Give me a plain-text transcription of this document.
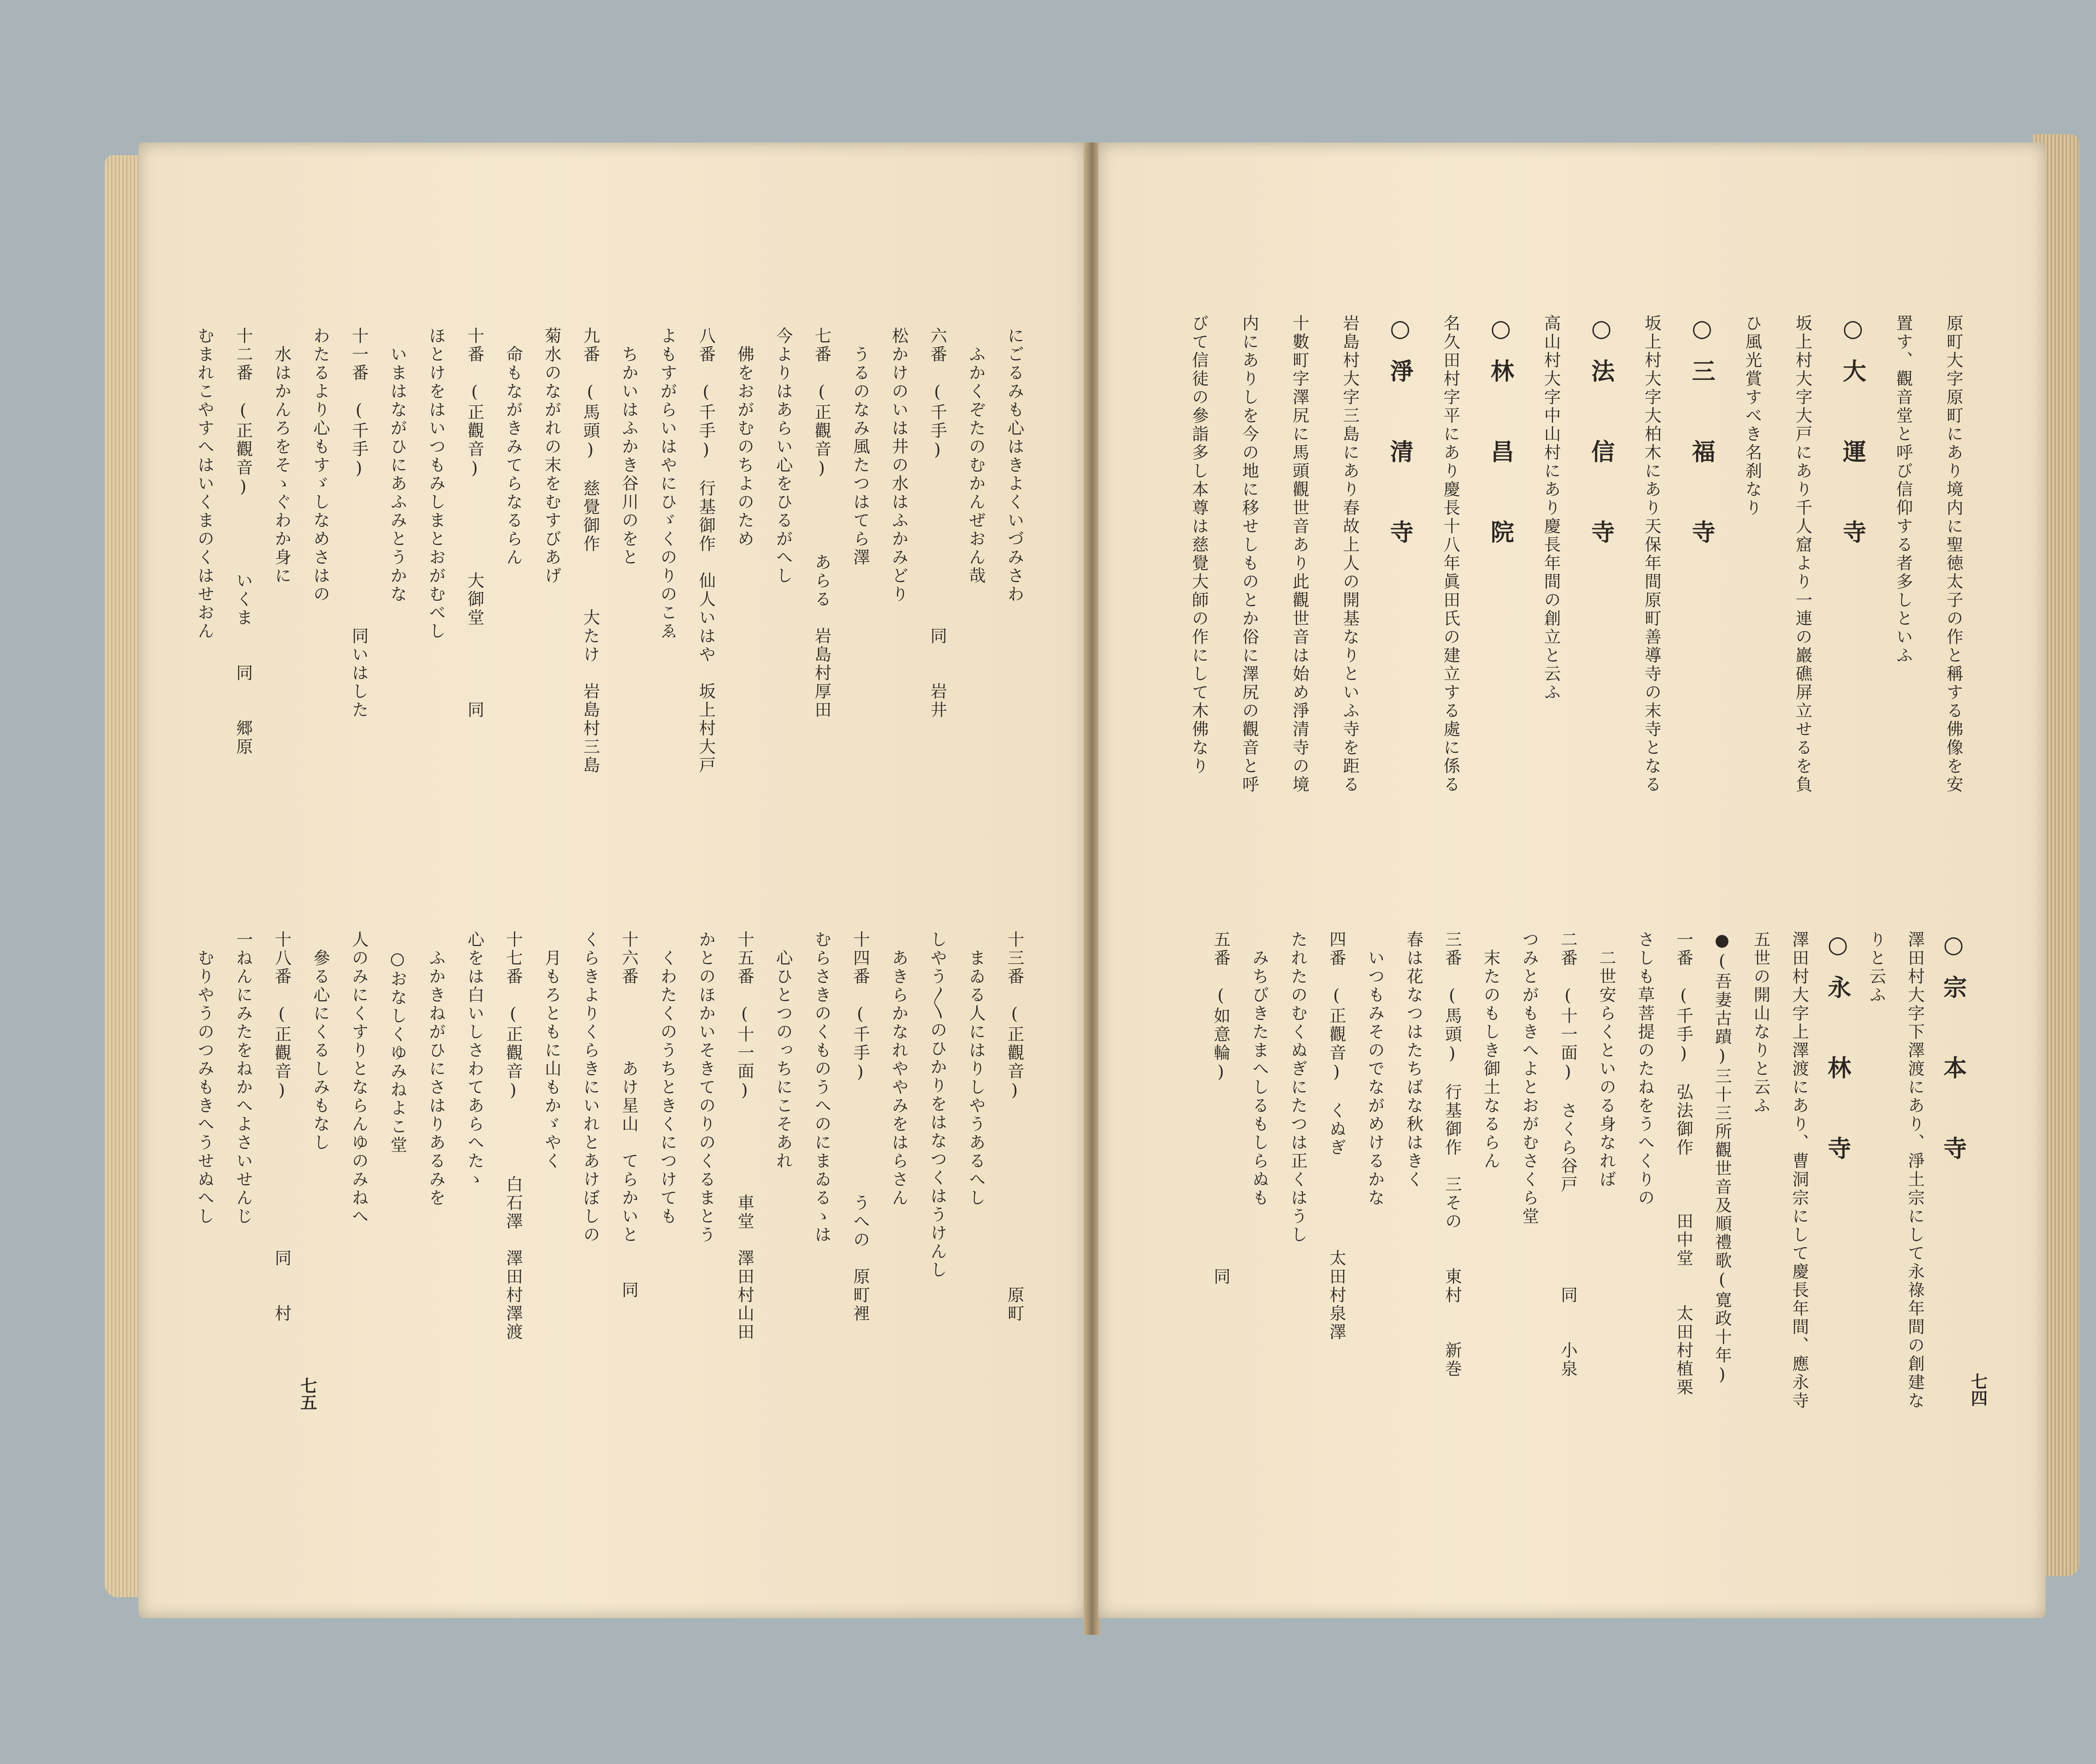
にごるみも心はきよくいづみさわ
　ふかくぞたのむかんぜおん哉
六番　(千手)　　　　　　　　　同　　岩井
松かけのいは井の水はふかみどり
　うるのなみ風たつはてら澤
七番　(正觀音)　　　　あらる　岩島村厚田
今よりはあらい心をひるがへし
　佛をおがむのちよのため
八番　(千手)　行基御作　仙人いはや　坂上村大戸
よもすがらいはやにひゞくのりのこゑ
　ちかいはふかき谷川のをと
九番　(馬頭)　慈覺御作　　　大たけ　岩島村三島
菊水のながれの末をむすびあげ
　命もながきみてらなるらん
十番　(正觀音)　　　　　大御堂　　　　同
ほとけをはいつもみしまとおがむべし
　いまはながひにあふみとうかな
十一番　(千手)　　　　　　　　同いはした
わたるより心もすゞしなめさはの
　水はかんろをそゝぐわか身に
十二番　(正觀音)　　　　いくま　　同　　郷原
むまれこやすへはいくまのくはせおん
十三番　(正觀音)　　　　　　　　　　原町
　まゐる人にはりしやうあるへし
しやう〳〵のひかりをはなつくはうけんし
　あきらかなれややみをはらさん
十四番　(千手)　　　　　　うへの　原町裡
むらさきのくものうへのにまゐるゝは
　心ひとつのっちにこそあれ
十五番　(十一面)　　　　　車堂　澤田村山田
かとのほかいそきてのりのくるまとう
　くわたくのうちときくにつけても
十六番　　　　あけ星山　てらかいと　　同
くらきよりくらきにいれとあけぼしの
　月もろともに山もかゞやく
十七番　(正觀音)　　　　白石澤　澤田村澤渡
心をは白いしさわてあらへたゝ
　ふかきねがひにさはりあるみを
　○おなしくゆみねよこ堂
人のみにくすりとならんゆのみねへ
　參る心にくるしみもなし
十八番　(正觀音)　　　　　　　　同　　村
一ねんにみたをねかへよさいせんじ
　むりやうのつみもきへうせぬへし
七五
原町大字原町にあり境内に聖徳太子の作と稱する佛像を安
置す、觀音堂と呼び信仰する者多しといふ
○大　運　寺
坂上村大字大戸にあり千人窟より一連の巖礁屏立せるを負
ひ風光賞すべき名刹なり
○三　福　寺
坂上村大字大柏木にあり天保年間原町善導寺の末寺となる
○法　信　寺
高山村大字中山村にあり慶長年間の創立と云ふ
○林　昌　院
名久田村字平にあり慶長十八年眞田氏の建立する處に係る
○淨　清　寺
岩島村大字三島にあり春故上人の開基なりといふ寺を距る
十數町字澤尻に馬頭觀世音あり此觀世音は始め淨清寺の境
内にありしを今の地に移せしものとか俗に澤尻の觀音と呼
びて信徒の參詣多し本尊は慈覺大師の作にして木佛なり
○宗　本　寺
澤田村大字下澤渡にあり、淨土宗にして永祿年間の創建な
りと云ふ
○永　林　寺
澤田村大字上澤渡にあり、曹洞宗にして慶長年間、應永寺
五世の開山なりと云ふ
●(吾妻古蹟)三十三所觀世音及順禮歌(寛政十年)
一番　(千手)　弘法御作　　　田中堂　　太田村植栗
さしも草菩提のたねをうへくりの
　二世安らくといのる身なれば
二番　(十一面)　さくら谷戸　　　　　同　　小泉
つみとがもきへよとおがむさくら堂
　末たのもしき御土なるらん
三番　(馬頭)　行基御作　三その　　東村　　新巻
春は花なつはたちばな秋はきく
　いつもみそのでながめけるかな
四番　(正觀音)　くぬぎ　　　　　太田村泉澤
たれたのむくぬぎにたつは正くはうし
　みちびきたまへしるもしらぬも
五番　(如意輪)　　　　　　　　　　同
七四
